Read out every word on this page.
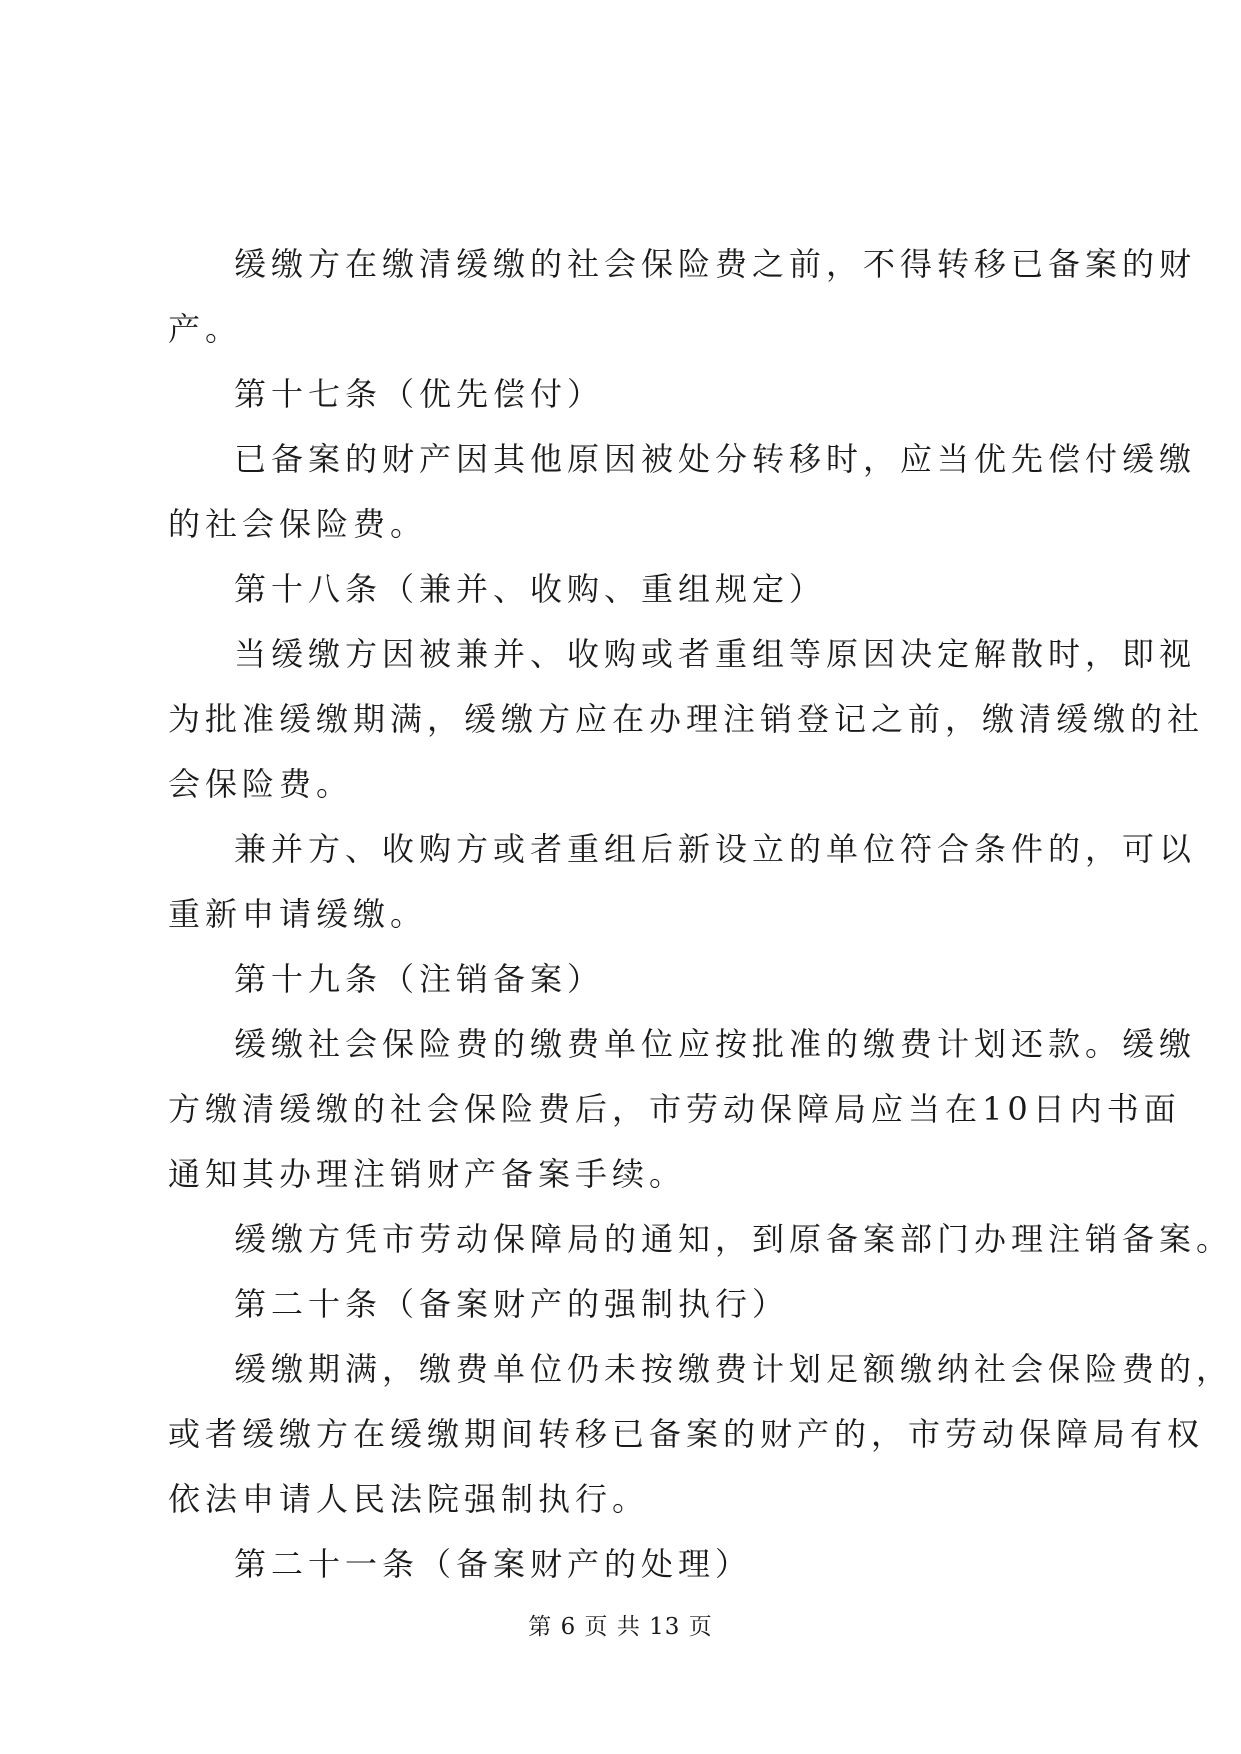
缓缴方在缴清缓缴的社会保险费之前，不得转移已备案的财
产。
第十七条（优先偿付）
已备案的财产因其他原因被处分转移时，应当优先偿付缓缴
的社会保险费。
第十八条（兼并、收购、重组规定）
当缓缴方因被兼并、收购或者重组等原因决定解散时，即视
为批准缓缴期满，缓缴方应在办理注销登记之前，缴清缓缴的社
会保险费。
兼并方、收购方或者重组后新设立的单位符合条件的，可以
重新申请缓缴。
第十九条（注销备案）
缓缴社会保险费的缴费单位应按批准的缴费计划还款。缓缴
方缴清缓缴的社会保险费后，市劳动保障局应当在10日内书面
通知其办理注销财产备案手续。
缓缴方凭市劳动保障局的通知，到原备案部门办理注销备案。
第二十条（备案财产的强制执行）
缓缴期满，缴费单位仍未按缴费计划足额缴纳社会保险费的，
或者缓缴方在缓缴期间转移已备案的财产的，市劳动保障局有权
依法申请人民法院强制执行。
第二十一条（备案财产的处理）
第 6 页 共 13 页
